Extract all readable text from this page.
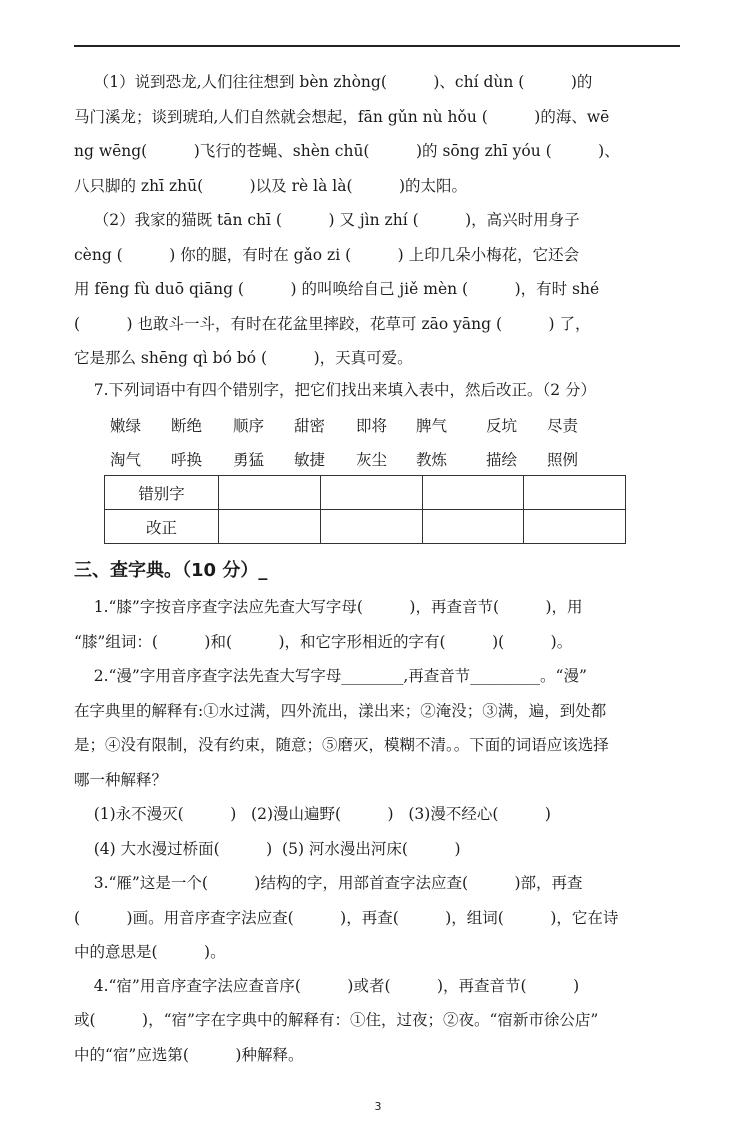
（1）说到恐龙,人们往往想到 bèn zhòng(　　　)、chí dùn (　　　)的
马门溪龙；谈到琥珀,人们自然就会想起，fān gǔn nù hǒu (　　　)的海、wē
ng wēng(　　　)飞行的苍蝇、shèn chū(　　　)的 sōng zhī yóu (　　　)、
八只脚的 zhī zhū(　　　)以及 rè là là(　　　)的太阳。
（2）我家的猫既 tān chī (　　　) 又 jìn zhí (　　　)，高兴时用身子
cèng (　　　) 你的腿，有时在 gǎo zi (　　　) 上印几朵小梅花，它还会
用 fēng fù duō qiāng (　　　) 的叫唤给自己 jiě mèn (　　　)，有时 shé
(　　　) 也敢斗一斗，有时在花盆里摔跤，花草可 zāo yāng (　　　) 了，
它是那么 shēng qì bó bó (　　　)，天真可爱。
7.下列词语中有四个错别字，把它们找出来填入表中，然后改正。（2 分）
嫩绿 断绝 顺序 甜密 即将 脾气	反坑 尽责
淘气 呼换 勇猛 敏捷 灰尘 教炼	描绘 照例
错别字				
改正				
三、查字典。（10 分）_
1.“膝”字按音序查字法应先查大写字母(　　　)，再查音节(　　　)，用
“膝”组词：(　　　)和(　　　)，和它字形相近的字有(　　　)(　　　)。
2.“漫”字用音序查字法先查大写字母________,再查音节_________。“漫”
在字典里的解释有:①水过满，四外流出，漾出来；②淹没；③满，遍，到处都
是；④没有限制，没有约束，随意；⑤磨灭，模糊不清。。下面的词语应该选择
哪一种解释？
(1)永不漫灭(　　　)   (2)漫山遍野(　　　)   (3)漫不经心(　　　)
(4) 大水漫过桥面(　　　)  (5) 河水漫出河床(　　　)
3.“雁”这是一个(　　　)结构的字，用部首查字法应查(　　　)部，再查
(　　　)画。用音序查字法应查(　　　)，再查(　　　)，组词(　　　)，它在诗
中的意思是(　　　)。
4.“宿”用音序查字法应查音序(　　　)或者(　　　)，再查音节(　　　)
或(　　　)，“宿”字在字典中的解释有：①住，过夜；②夜。“宿新市徐公店”
中的“宿”应选第(　　　)种解释。
3
